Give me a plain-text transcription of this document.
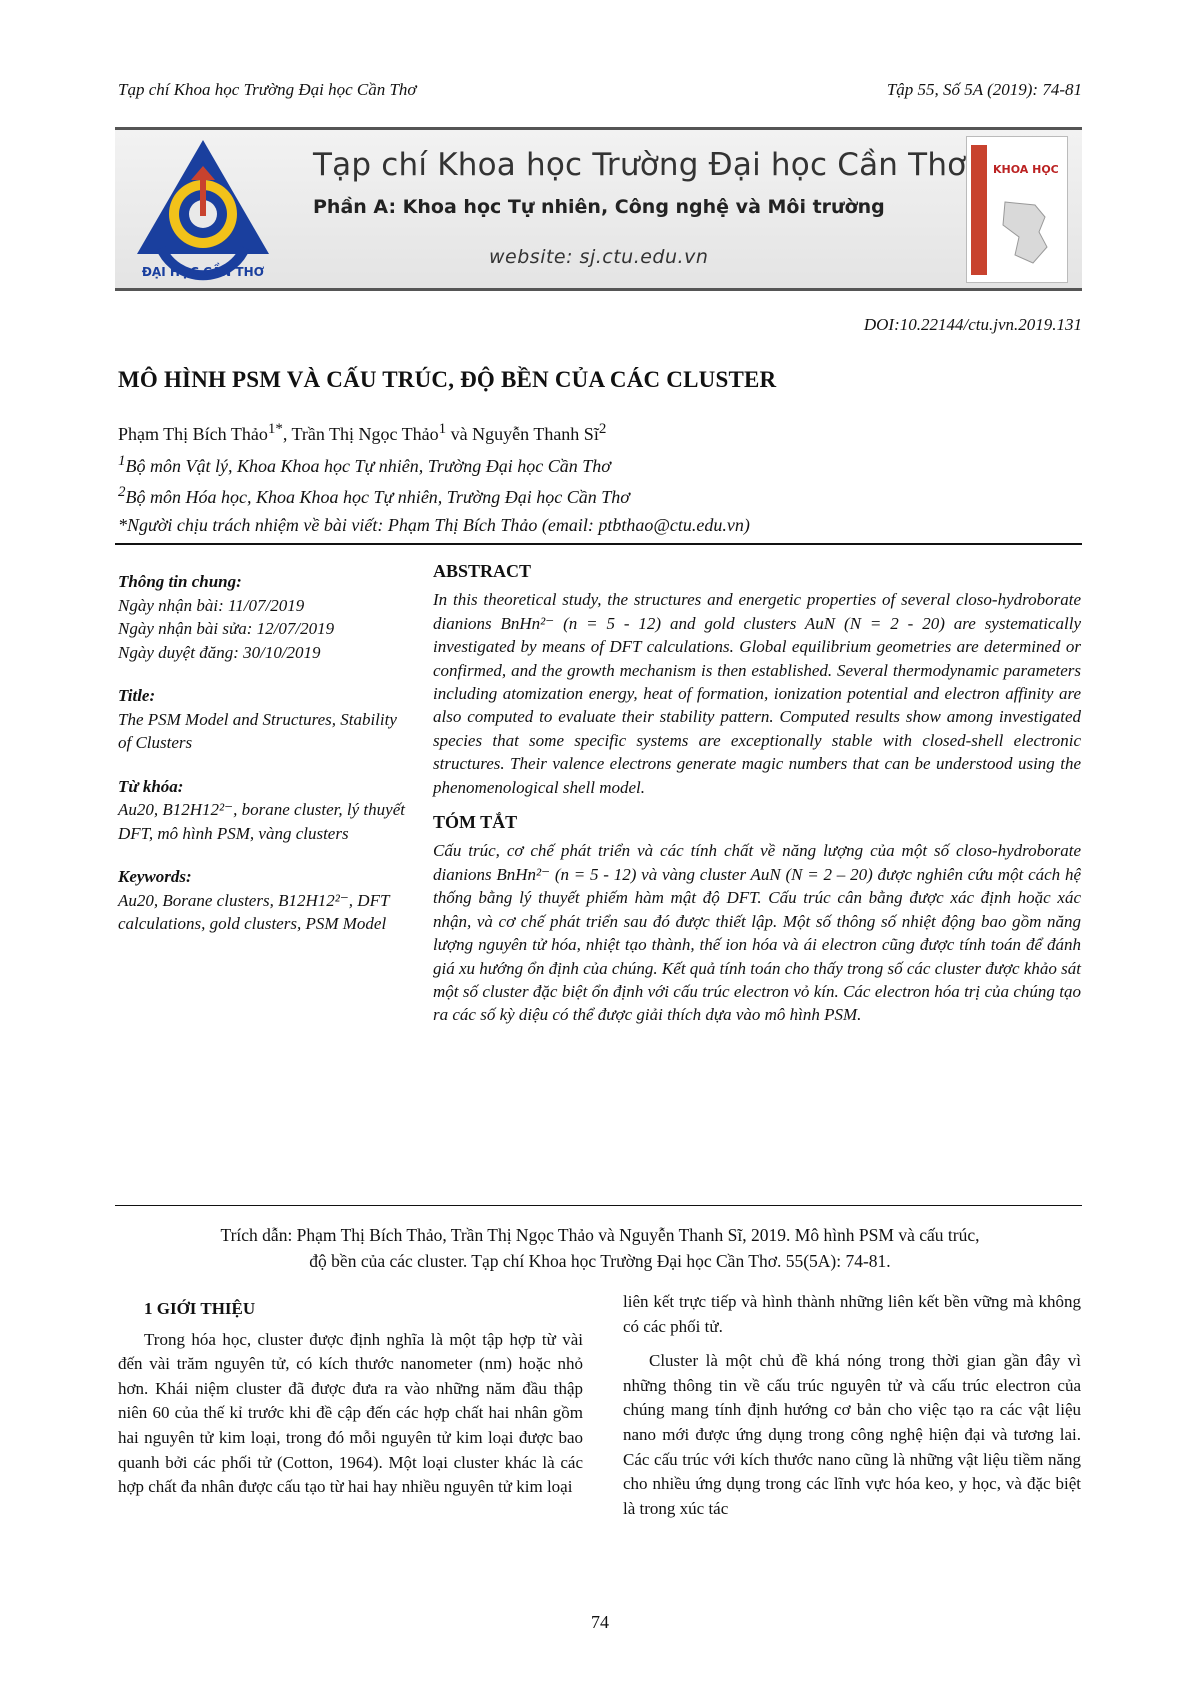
Tạp chí Khoa học Trường Đại học Cần Thơ	Tập 55, Số 5A (2019): 74-81
ĐẠI HỌC CẦN THƠ
Tạp chí Khoa học Trường Đại học Cần Thơ
Phần A: Khoa học Tự nhiên, Công nghệ và Môi trường
website: sj.ctu.edu.vn
KHOA HỌC
DOI:10.22144/ctu.jvn.2019.131
MÔ HÌNH PSM VÀ CẤU TRÚC, ĐỘ BỀN CỦA CÁC CLUSTER
Phạm Thị Bích Thảo$^{1*}$, Trần Thị Ngọc Thảo$^1$ và Nguyễn Thanh $Sĩ^2$
$^1$Bộ môn Vật lý, Khoa Khoa học Tự nhiên, Trường Đại học Cần Thơ
$^2$Bộ môn Hóa học, Khoa Khoa học Tự nhiên, Trường Đại học Cần Thơ
*Người chịu trách nhiệm về bài viết: Phạm Thị Bích Thảo (email: ptbthao@ctu.edu.vn)
Thông tin chung:

Ngày nhận bài: 11/07/2019

Ngày nhận bài sửa: 12/07/2019

Ngày duyệt đăng: 30/10/2019

Title:

The PSM Model and Structures, Stability of Clusters

Từ khóa:

Au20, B12H12²⁻, borane cluster, lý thuyết DFT, mô hình PSM, vàng clusters

Keywords:

Au20, Borane clusters, B12H12²⁻, DFT calculations, gold clusters, PSM Model

ABSTRACT

In this theoretical study, the structures and energetic properties of several closo-hydroborate dianions BnHn²⁻ (n = 5 - 12) and gold clusters AuN (N = 2 - 20) are systematically investigated by means of DFT calculations. Global equilibrium geometries are determined or confirmed, and the growth mechanism is then established. Several thermodynamic parameters including atomization energy, heat of formation, ionization potential and electron affinity are also computed to evaluate their stability pattern. Computed results show among investigated species that some specific systems are exceptionally stable with closed-shell electronic structures. Their valence electrons generate magic numbers that can be understood using the phenomenological shell model.

TÓM TẮT

Cấu trúc, cơ chế phát triển và các tính chất về năng lượng của một số closo-hydroborate dianions BnHn²⁻ (n = 5 - 12) và vàng cluster AuN (N = 2 – 20) được nghiên cứu một cách hệ thống bằng lý thuyết phiếm hàm mật độ DFT. Cấu trúc cân bằng được xác định hoặc xác nhận, và cơ chế phát triển sau đó được thiết lập. Một số thông số nhiệt động bao gồm năng lượng nguyên tử hóa, nhiệt tạo thành, thế ion hóa và ái electron cũng được tính toán để đánh giá xu hướng ổn định của chúng. Kết quả tính toán cho thấy trong số các cluster được khảo sát một số cluster đặc biệt ổn định với cấu trúc electron vỏ kín. Các electron hóa trị của chúng tạo ra các số kỳ diệu có thể được giải thích dựa vào mô hình PSM.

Trích dẫn: Phạm Thị Bích Thảo, Trần Thị Ngọc Thảo và Nguyễn Thanh Sĩ, 2019. Mô hình PSM và cấu trúc,
độ bền của các cluster. Tạp chí Khoa học Trường Đại học Cần Thơ. 55(5A): 74-81.
1 GIỚI THIỆU

Trong hóa học, cluster được định nghĩa là một tập hợp từ vài đến vài trăm nguyên tử, có kích thước nanometer (nm) hoặc nhỏ hơn. Khái niệm cluster đã được đưa ra vào những năm đầu thập niên 60 của thế kỉ trước khi đề cập đến các hợp chất hai nhân gồm hai nguyên tử kim loại, trong đó mỗi nguyên tử kim loại được bao quanh bởi các phối tử (Cotton, 1964). Một loại cluster khác là các hợp chất đa nhân được cấu tạo từ hai hay nhiều nguyên tử kim loại

liên kết trực tiếp và hình thành những liên kết bền vững mà không có các phối tử.

Cluster là một chủ đề khá nóng trong thời gian gần đây vì những thông tin về cấu trúc nguyên tử và cấu trúc electron của chúng mang tính định hướng cơ bản cho việc tạo ra các vật liệu nano mới được ứng dụng trong công nghệ hiện đại và tương lai. Các cấu trúc với kích thước nano cũng là những vật liệu tiềm năng cho nhiều ứng dụng trong các lĩnh vực hóa keo, y học, và đặc biệt là trong xúc tác

74
